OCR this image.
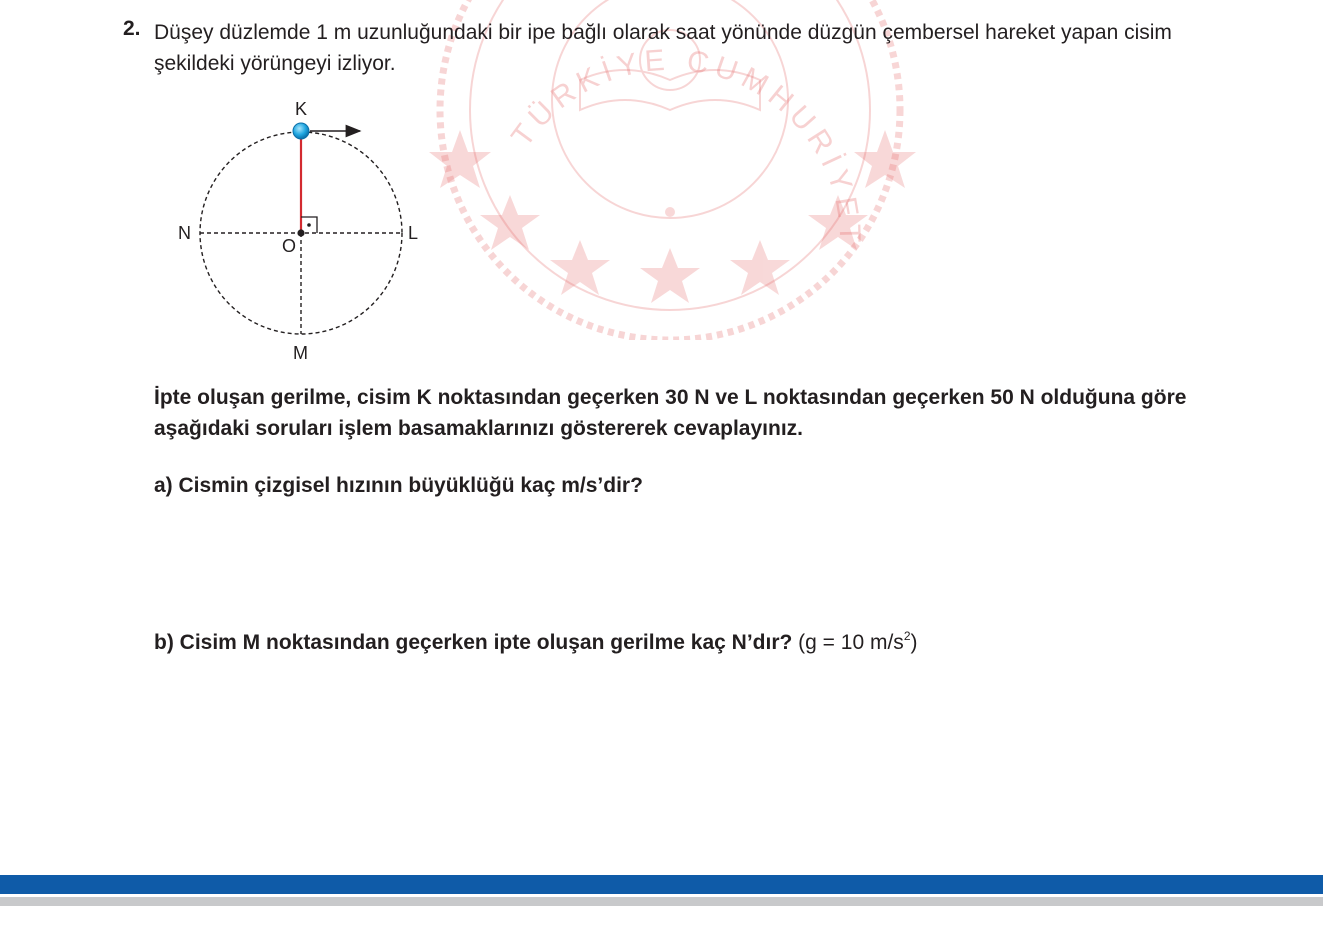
TÜRKİYE CUMHURİYET
2. Düşey düzlemde 1 m uzunluğundaki bir ipe bağlı olarak saat yönünde düzgün çembersel hareket yapan cisim şekildeki yörüngeyi izliyor.
K
N	L
O
M
İpte oluşan gerilme, cisim K noktasından geçerken 30 N ve L noktasından geçerken 50 N olduğuna göre aşağıdaki soruları işlem basamaklarınızı göstererek cevaplayınız.
a) Cismin çizgisel hızının büyüklüğü kaç m/s’dir?
b) Cisim M noktasından geçerken ipte oluşan gerilme kaç N’dır? (g = 10 $m/s^2$)
